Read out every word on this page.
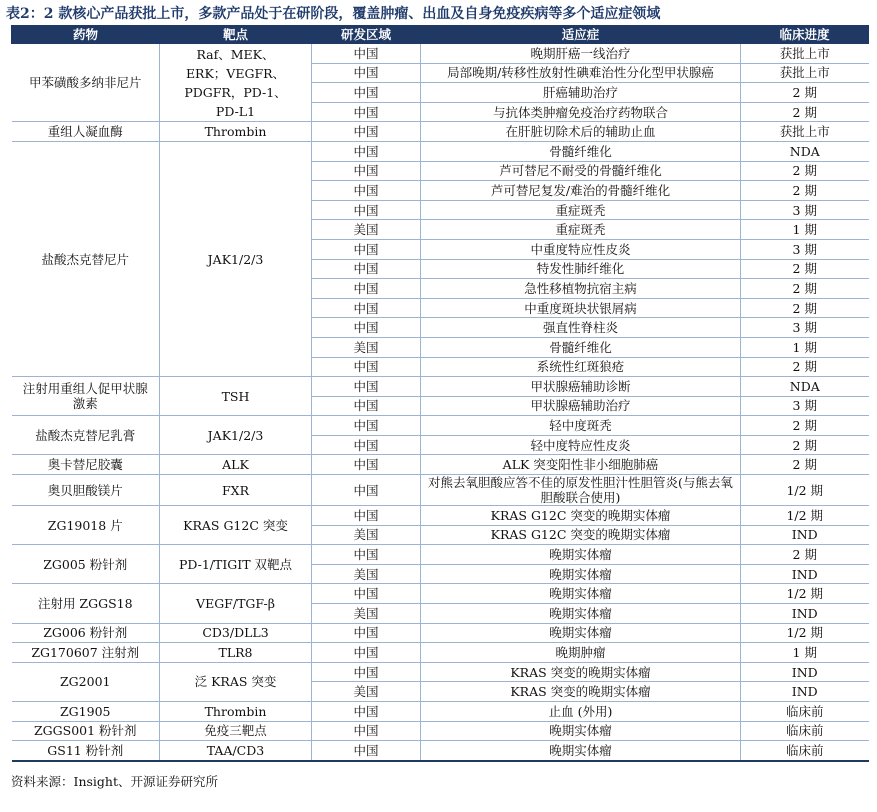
表2：2 款核心产品获批上市，多款产品处于在研阶段，覆盖肿瘤、出血及自身免疫疾病等多个适应症领域
药物	靶点	研发区域	适应症	临床进度
甲苯磺酸多纳非尼片	Raf、MEK、ERK；VEGFR、PDGFR，PD-1、PD-L1	中国	晚期肝癌一线治疗	获批上市
		中国	局部晚期/转移性放射性碘难治性分化型甲状腺癌	获批上市
		中国	肝癌辅助治疗	2 期
		中国	与抗体类肿瘤免疫治疗药物联合	2 期
重组人凝血酶	Thrombin	中国	在肝脏切除术后的辅助止血	获批上市
盐酸杰克替尼片	JAK1/2/3	中国	骨髓纤维化	NDA
		中国	芦可替尼不耐受的骨髓纤维化	2 期
		中国	芦可替尼复发/难治的骨髓纤维化	2 期
		中国	重症斑秃	3 期
		美国	重症斑秃	1 期
		中国	中重度特应性皮炎	3 期
		中国	特发性肺纤维化	2 期
		中国	急性移植物抗宿主病	2 期
		中国	中重度斑块状银屑病	2 期
		中国	强直性脊柱炎	3 期
		美国	骨髓纤维化	1 期
		中国	系统性红斑狼疮	2 期
注射用重组人促甲状腺激素	TSH	中国	甲状腺癌辅助诊断	NDA
		中国	甲状腺癌辅助治疗	3 期
盐酸杰克替尼乳膏	JAK1/2/3	中国	轻中度斑秃	2 期
		中国	轻中度特应性皮炎	2 期
奥卡替尼胶囊	ALK	中国	ALK 突变阳性非小细胞肺癌	2 期
奥贝胆酸镁片	FXR	中国	对熊去氧胆酸应答不佳的原发性胆汁性胆管炎(与熊去氧胆酸联合使用)	1/2 期
ZG19018 片	KRAS G12C 突变	中国	KRAS G12C 突变的晚期实体瘤	1/2 期
		美国	KRAS G12C 突变的晚期实体瘤	IND
ZG005 粉针剂	PD-1/TIGIT 双靶点	中国	晚期实体瘤	2 期
		美国	晚期实体瘤	IND
注射用 ZGGS18	VEGF/TGF-β	中国	晚期实体瘤	1/2 期
		美国	晚期实体瘤	IND
ZG006 粉针剂	CD3/DLL3	中国	晚期实体瘤	1/2 期
ZG170607 注射剂	TLR8	中国	晚期肿瘤	1 期
ZG2001	泛 KRAS 突变	中国	KRAS 突变的晚期实体瘤	IND
		美国	KRAS 突变的晚期实体瘤	IND
ZG1905	Thrombin	中国	止血 (外用)	临床前
ZGGS001 粉针剂	免疫三靶点	中国	晚期实体瘤	临床前
GS11 粉针剂	TAA/CD3	中国	晚期实体瘤	临床前
资料来源：Insight、开源证券研究所
